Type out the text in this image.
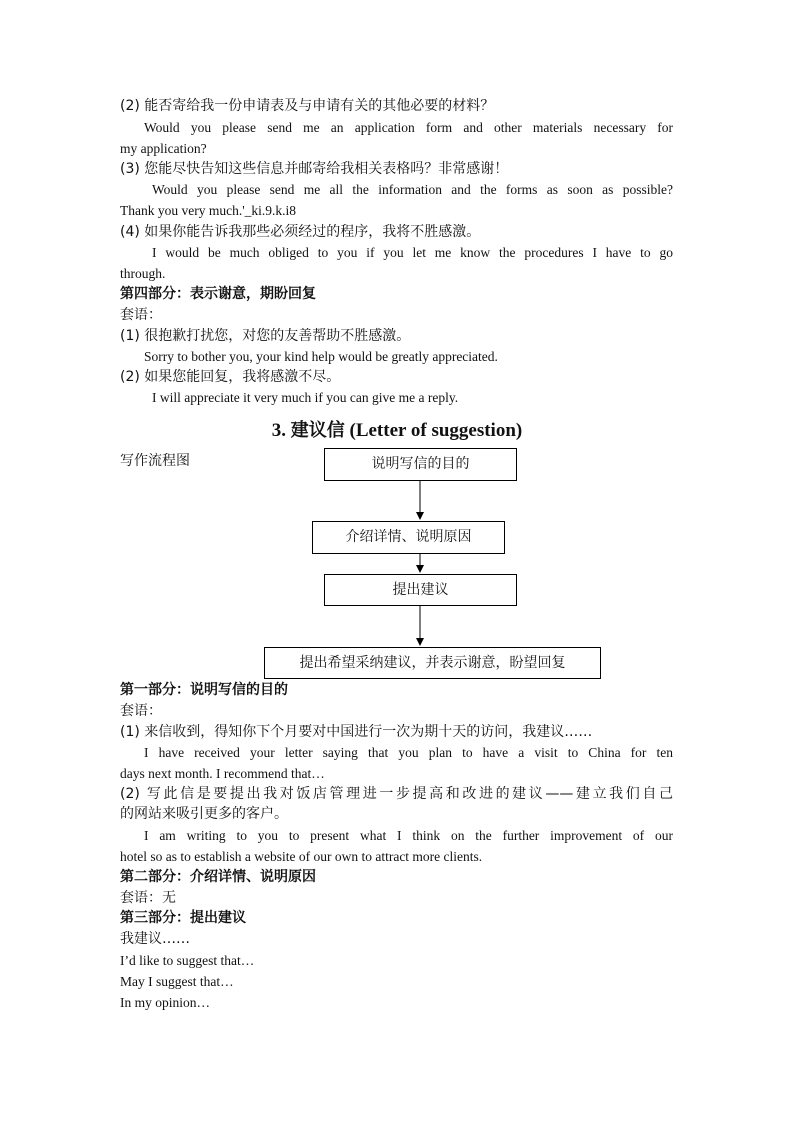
(2) 能否寄给我一份申请表及与申请有关的其他必要的材料？
Would you please send me an application form and other materials necessary for
my application?
(3) 您能尽快告知这些信息并邮寄给我相关表格吗？非常感谢！
Would you please send me all the information and the forms as soon as possible?
Thank you very much.'_ki.9.k.i8
(4) 如果你能告诉我那些必须经过的程序，我将不胜感激。
I would be much obliged to you if you let me know the procedures I have to go
through.
第四部分：表示谢意，期盼回复
套语：
(1) 很抱歉打扰您，对您的友善帮助不胜感激。
Sorry to bother you, your kind help would be greatly appreciated.
(2) 如果您能回复，我将感激不尽。
I will appreciate it very much if you can give me a reply.
3. 建议信 (Letter of suggestion)
写作流程图	说明写信的目的
介绍详情、说明原因
提出建议
提出希望采纳建议，并表示谢意，盼望回复
第一部分：说明写信的目的
套语：
(1) 来信收到，得知你下个月要对中国进行一次为期十天的访问，我建议……
I have received your letter saying that you plan to have a visit to China for ten
days next month. I recommend that…
(2) 写此信是要提出我对饭店管理进一步提高和改进的建议——建立我们自己
的网站来吸引更多的客户。
I am writing to you to present what I think on the further improvement of our
hotel so as to establish a website of our own to attract more clients.
第二部分：介绍详情、说明原因
套语：无
第三部分：提出建议
我建议……
I’d like to suggest that…
May I suggest that…
In my opinion…
